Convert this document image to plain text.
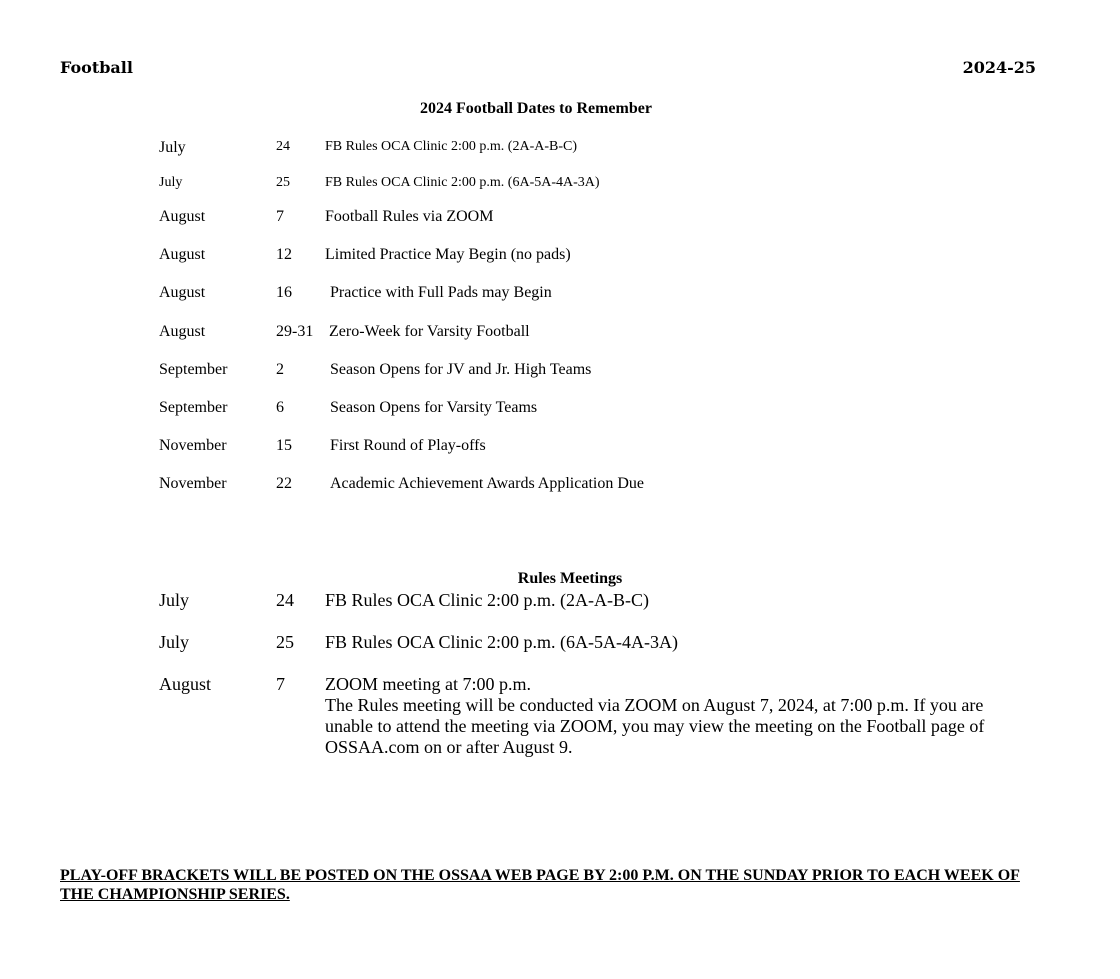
Football	2024-25
2024 Football Dates to Remember
July	24	FB Rules OCA Clinic 2:00 p.m. (2A-A-B-C)
July	25	FB Rules OCA Clinic 2:00 p.m. (6A-5A-4A-3A)
August	7	Football Rules via ZOOM
August	12 Limited Practice May Begin (no pads)
August	16 Practice with Full Pads may Begin
August	29-31 Zero-Week for Varsity Football
September	2	Season Opens for JV and Jr. High Teams
September	6	Season Opens for Varsity Teams
November	15 First Round of Play-offs
November	22 Academic Achievement Awards Application Due
Rules Meetings
July	24 FB Rules OCA Clinic 2:00 p.m. (2A-A-B-C)
July	25 FB Rules OCA Clinic 2:00 p.m. (6A-5A-4A-3A)
August	7 ZOOM meeting at 7:00 p.m.
The Rules meeting will be conducted via ZOOM on August 7, 2024, at 7:00 p.m. If you are unable to attend the meeting via ZOOM, you may view the meeting on the Football page of OSSAA.com on or after August 9.
PLAY-OFF BRACKETS WILL BE POSTED ON THE OSSAA WEB PAGE BY 2:00 P.M. ON THE SUNDAY PRIOR TO EACH WEEK OF THE CHAMPIONSHIP SERIES.
